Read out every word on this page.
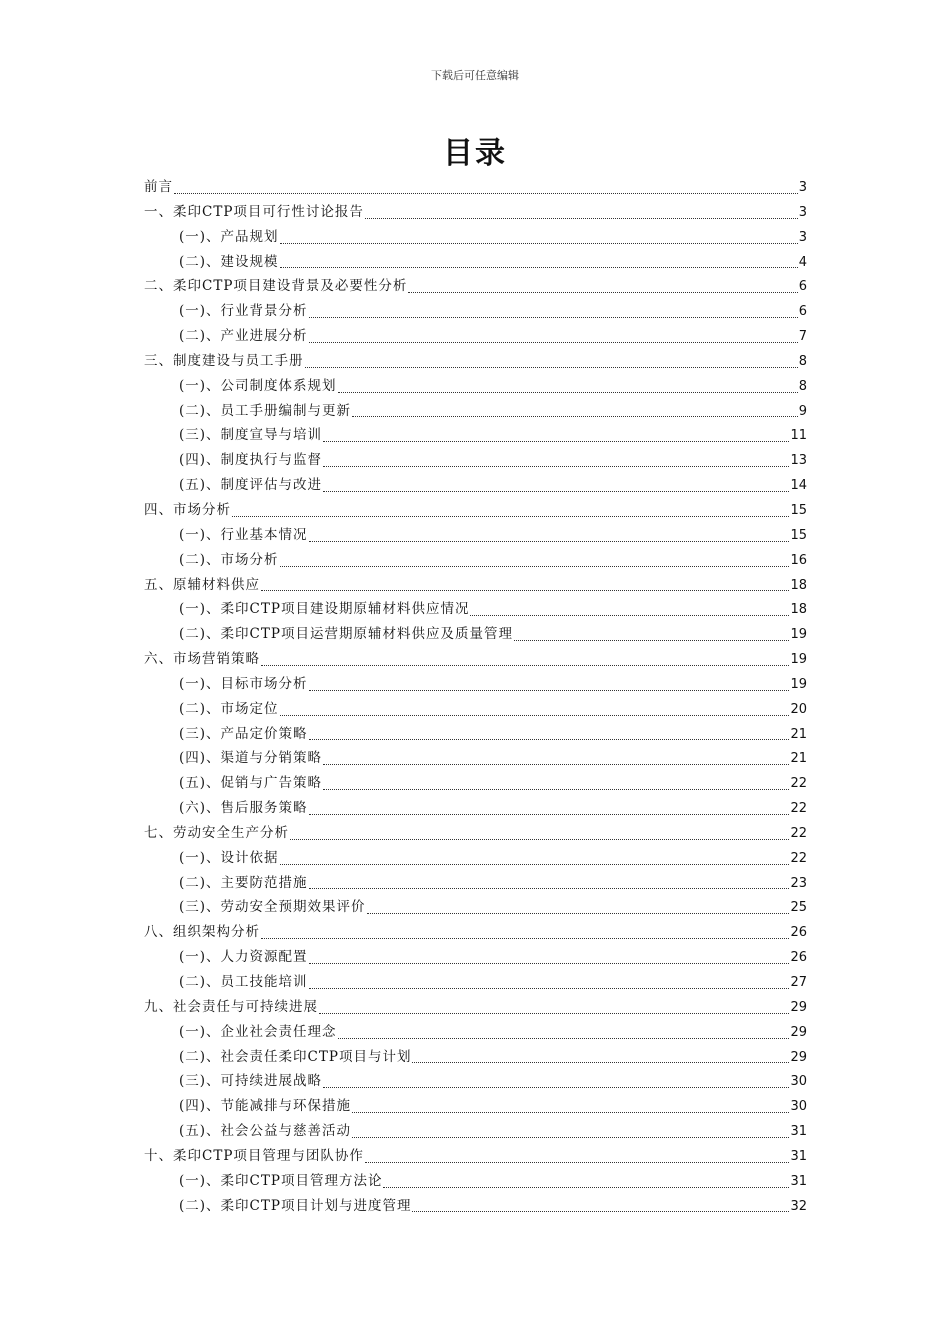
下载后可任意编辑
目录
前言	3
一、柔印CTP项目可行性讨论报告	3
(一)、产品规划	3
(二)、建设规模	4
二、柔印CTP项目建设背景及必要性分析	6
(一)、行业背景分析	6
(二)、产业进展分析	7
三、制度建设与员工手册	8
(一)、公司制度体系规划	8
(二)、员工手册编制与更新	9
(三)、制度宣导与培训	11
(四)、制度执行与监督	13
(五)、制度评估与改进	14
四、市场分析	15
(一)、行业基本情况	15
(二)、市场分析	16
五、原辅材料供应	18
(一)、柔印CTP项目建设期原辅材料供应情况	18
(二)、柔印CTP项目运营期原辅材料供应及质量管理	19
六、市场营销策略	19
(一)、目标市场分析	19
(二)、市场定位	20
(三)、产品定价策略	21
(四)、渠道与分销策略	21
(五)、促销与广告策略	22
(六)、售后服务策略	22
七、劳动安全生产分析	22
(一)、设计依据	22
(二)、主要防范措施	23
(三)、劳动安全预期效果评价	25
八、组织架构分析	26
(一)、人力资源配置	26
(二)、员工技能培训	27
九、社会责任与可持续进展	29
(一)、企业社会责任理念	29
(二)、社会责任柔印CTP项目与计划	29
(三)、可持续进展战略	30
(四)、节能减排与环保措施	30
(五)、社会公益与慈善活动	31
十、柔印CTP项目管理与团队协作	31
(一)、柔印CTP项目管理方法论	31
(二)、柔印CTP项目计划与进度管理	32
